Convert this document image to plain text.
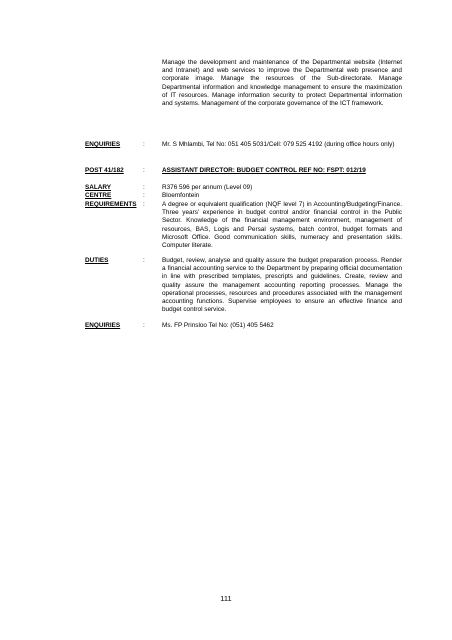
Manage the development and maintenance of the Departmental website (Internet and Intranet) and web services to improve the Departmental web presence and corporate image. Manage the resources of the Sub-directorate. Manage Departmental information and knowledge management to ensure the maximization of IT resources. Manage information security to protect Departmental information and systems. Management of the corporate governance of the ICT framework.
ENQUIRIES	:	Mr. S Mhlambi, Tel No: 051 405 5031/Cell: 079 525 4192 (during office hours only)
POST 41/182	:	ASSISTANT DIRECTOR: BUDGET CONTROL REF NO: FSPT: 012/19
SALARY	:	R376 596 per annum (Level 09)
CENTRE	:	Bloemfontein
REQUIREMENTS :	A degree or equivalent qualification (NQF level 7) in Accounting/Budgeting/Finance. Three years' experience in budget control and/or financial control in the Public Sector. Knowledge of the financial management environment, management of resources, BAS, Logis and Persal systems, batch control, budget formats and Microsoft Office. Good communication skills, numeracy and presentation skills. Computer literate.
DUTIES	:	Budget, review, analyse and quality assure the budget preparation process. Render a financial accounting service to the Department by preparing official documentation in line with prescribed templates, prescripts and guidelines. Create, review and quality assure the management accounting reporting processes. Manage the operational processes, resources and procedures associated with the management accounting functions. Supervise employees to ensure an effective finance and budget control service.
ENQUIRIES	:	Ms. FP Prinsloo Tel No: (051) 405 5462
111
